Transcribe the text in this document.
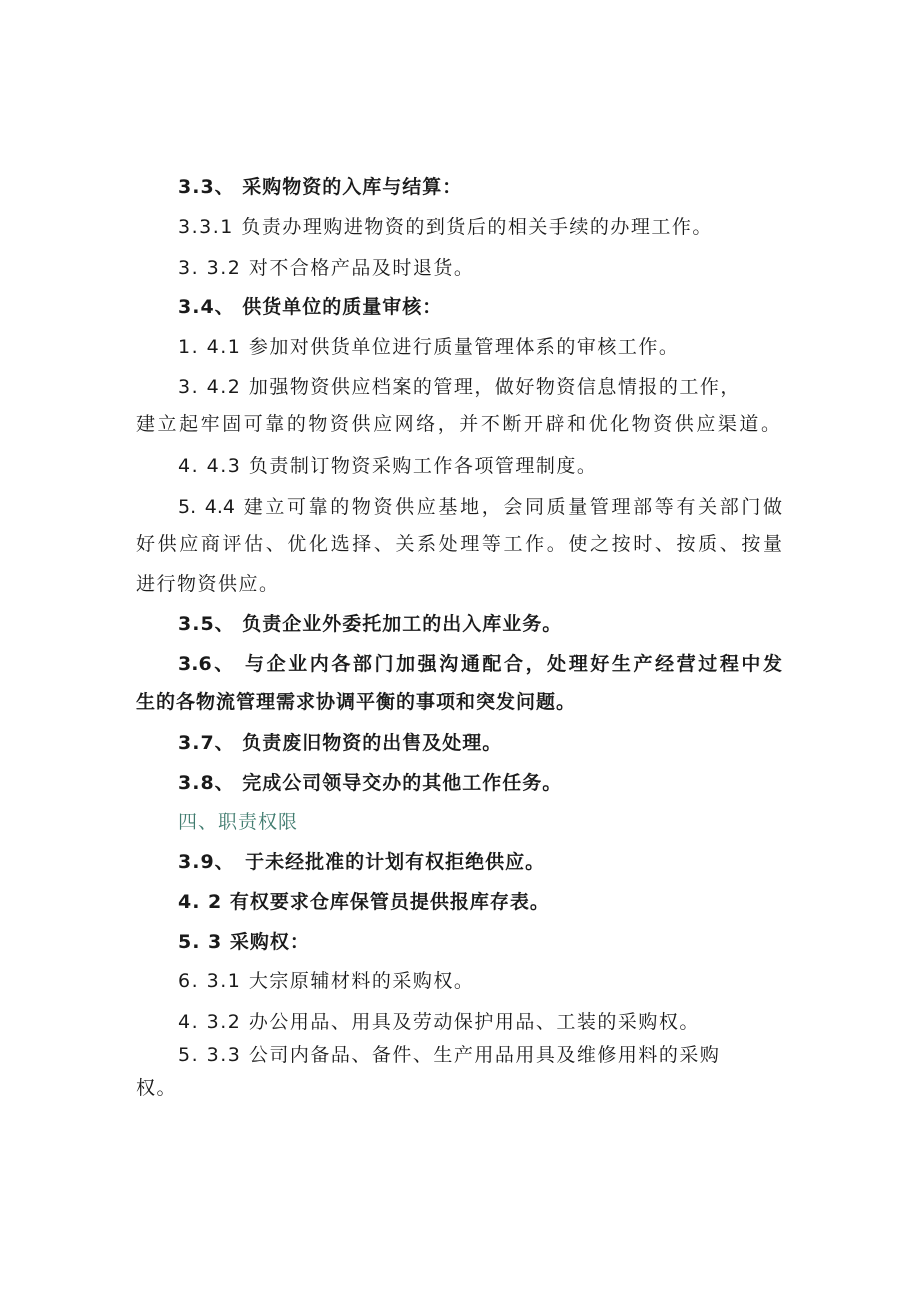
3.3、 采购物资的入库与结算：
3.3.1 负责办理购进物资的到货后的相关手续的办理工作。
3. 3.2 对不合格产品及时退货。
3.4、 供货单位的质量审核：
1. 4.1 参加对供货单位进行质量管理体系的审核工作。
3. 4.2 加强物资供应档案的管理，做好物资信息情报的工作，
建立起牢固可靠的物资供应网络，并不断开辟和优化物资供应渠道。
4. 4.3 负责制订物资采购工作各项管理制度。
5. 4.4 建立可靠的物资供应基地，会同质量管理部等有关部门做
好供应商评估、优化选择、关系处理等工作。使之按时、按质、按量
进行物资供应。
3.5、 负责企业外委托加工的出入库业务。
3.6、 与企业内各部门加强沟通配合，处理好生产经营过程中发
生的各物流管理需求协调平衡的事项和突发问题。
3.7、 负责废旧物资的出售及处理。
3.8、 完成公司领导交办的其他工作任务。
四、职责权限
3.9、　于未经批准的计划有权拒绝供应。
4. 2 有权要求仓库保管员提供报库存表。
5. 3 采购权：
6. 3.1 大宗原辅材料的采购权。
4. 3.2 办公用品、用具及劳动保护用品、工装的采购权。
5. 3.3 公司内备品、备件、生产用品用具及维修用料的采购
权。
